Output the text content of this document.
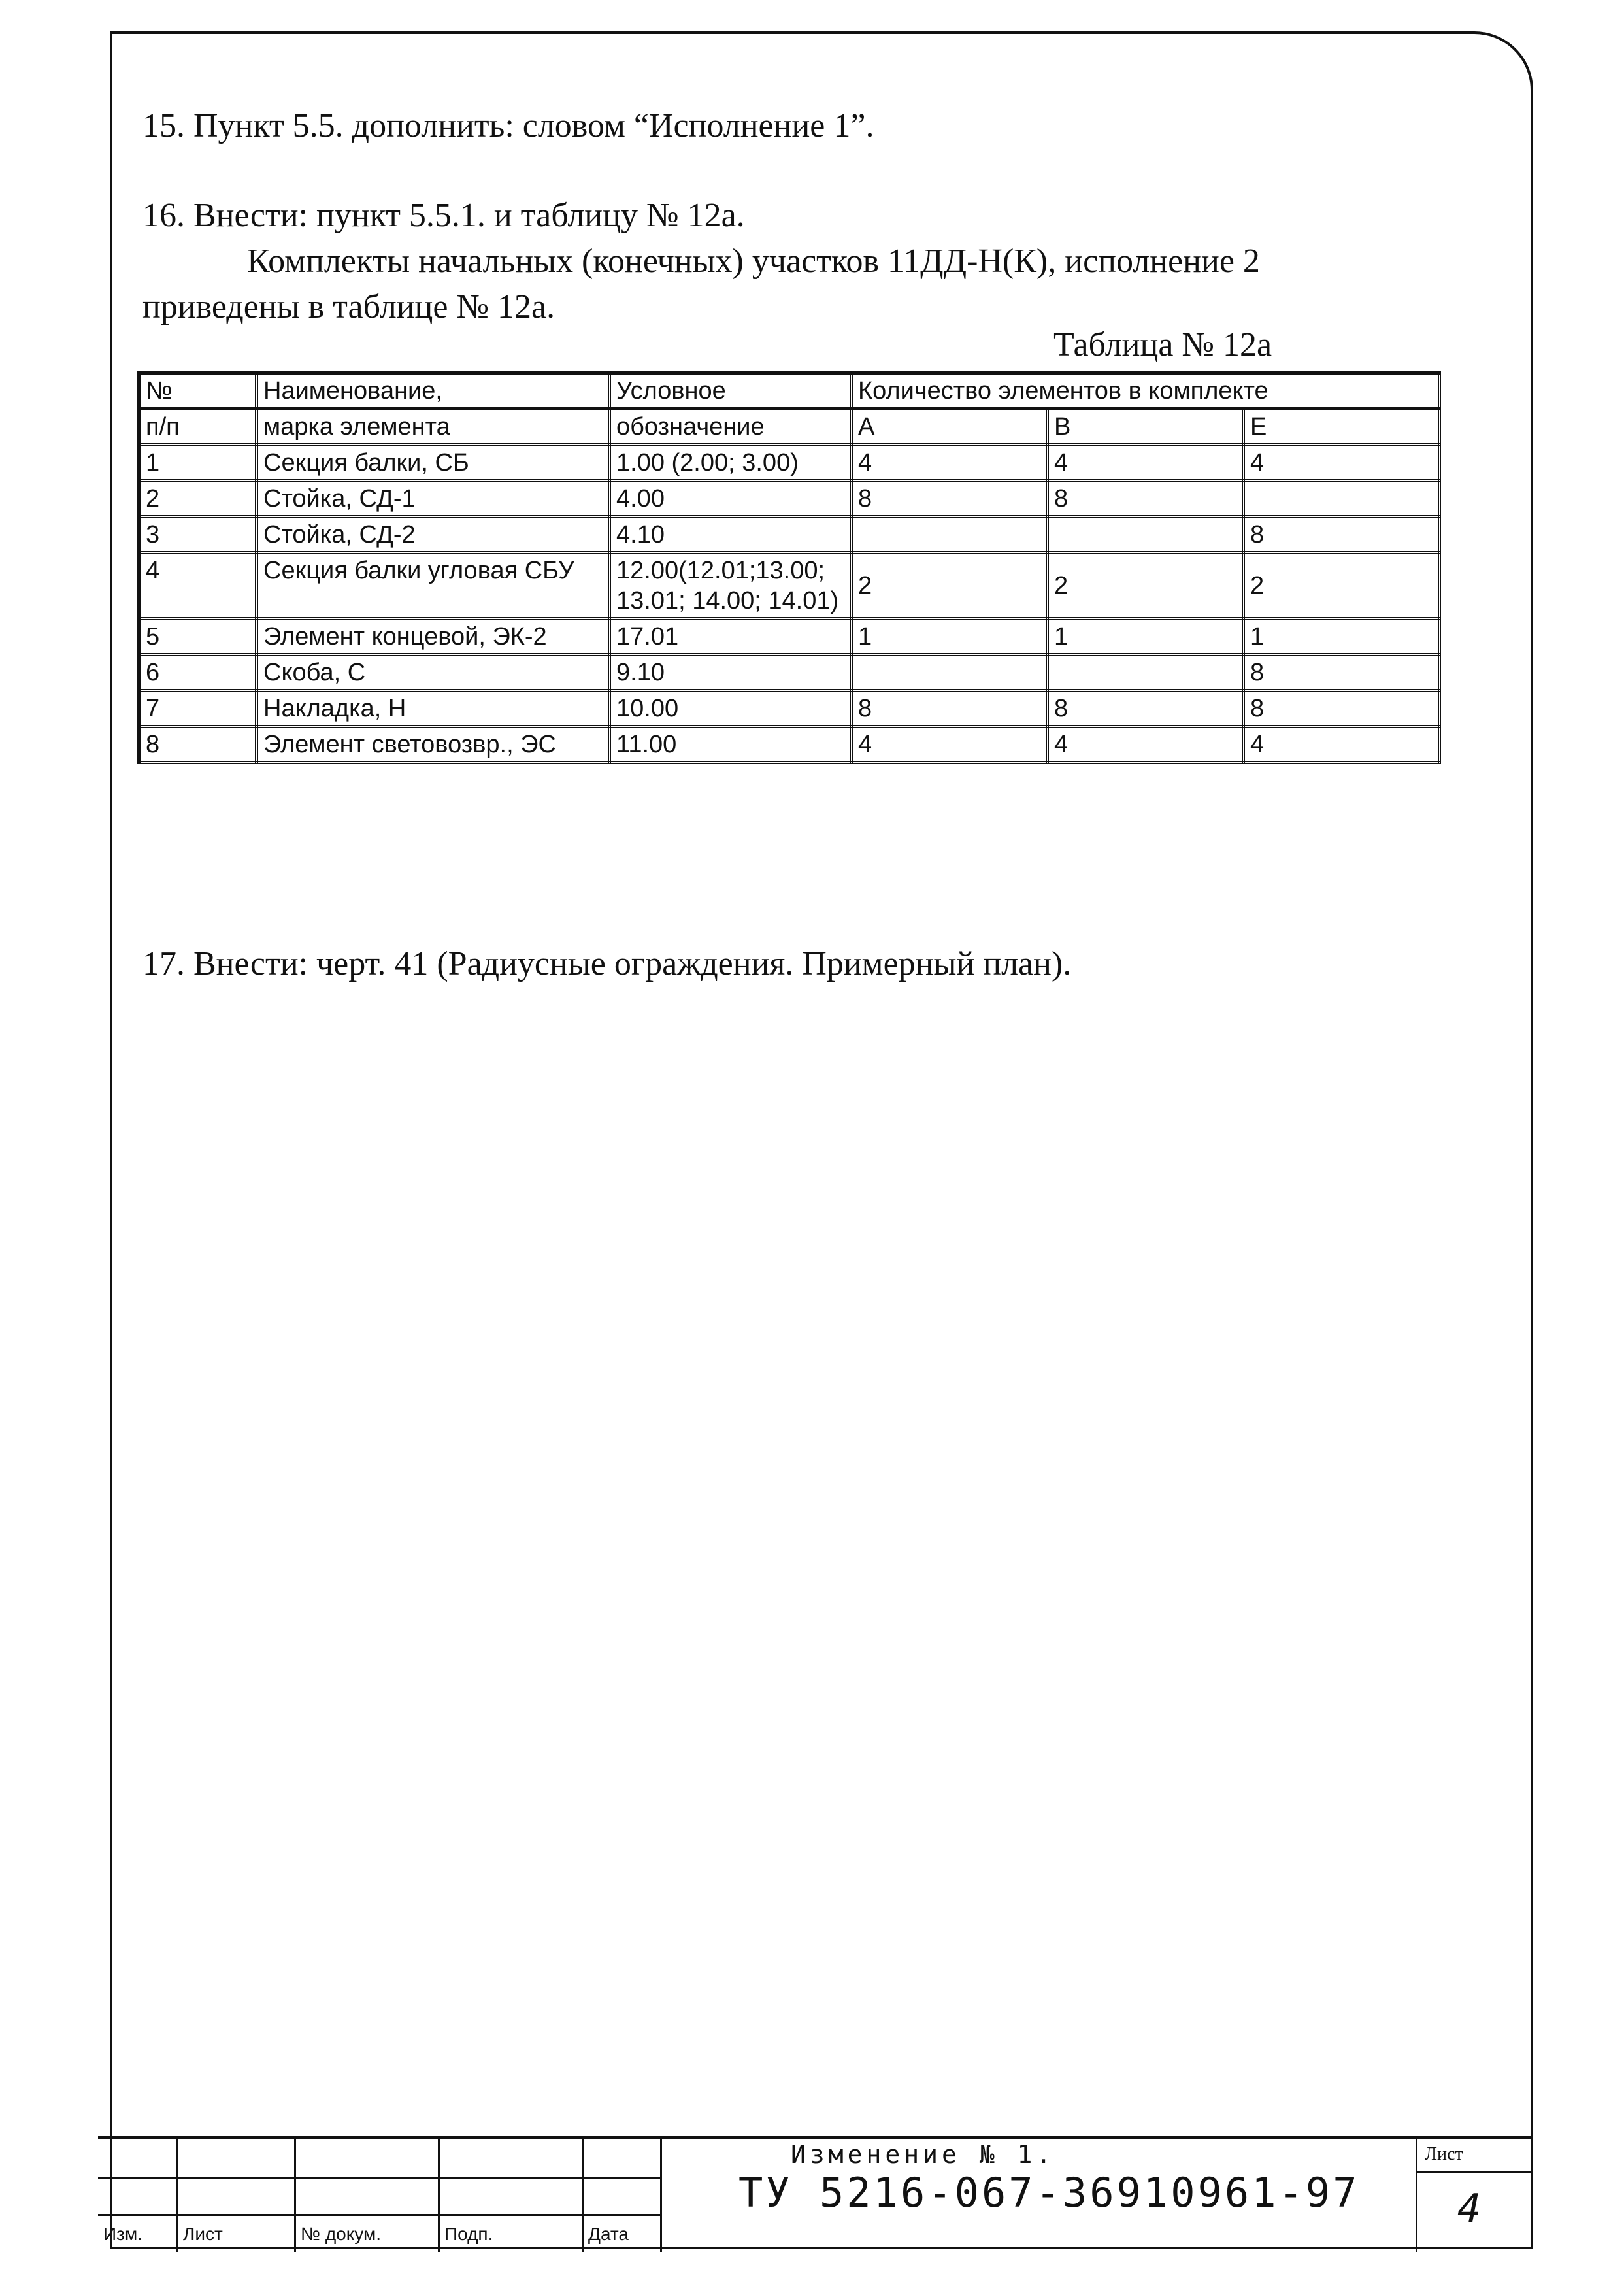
15. Пункт 5.5. дополнить: словом “Исполнение 1”.
16. Внести: пункт 5.5.1. и таблицу № 12а.
Комплекты начальных (конечных) участков 11ДД-Н(К), исполнение 2
приведены в таблице № 12а.
Таблица № 12а
№	Наименование,	Условное	Количество элементов в комплекте		
п/п	марка элемента	обозначение	А	В	Е
1	Секция балки, СБ	1.00 (2.00; 3.00)	4	4	4
2	Стойка, СД-1	4.00	8	8	
3	Стойка, СД-2	4.10			8
4	Секция балки угловая СБУ	12.00(12.01;13.00; 13.01; 14.00; 14.01)	2	2	2
5	Элемент концевой, ЭК-2	17.01	1	1	1
6	Скоба, С	9.10			8
7	Накладка, Н	10.00	8	8	8
8	Элемент световозвр., ЭС	11.00	4	4	4
17. Внести: черт. 41 (Радиусные ограждения. Примерный план).
Изм. Лист	№ докум.	Подп.	Дата
Изменение № 1.
ТУ 5216-067-36910961-97
Лист
4
